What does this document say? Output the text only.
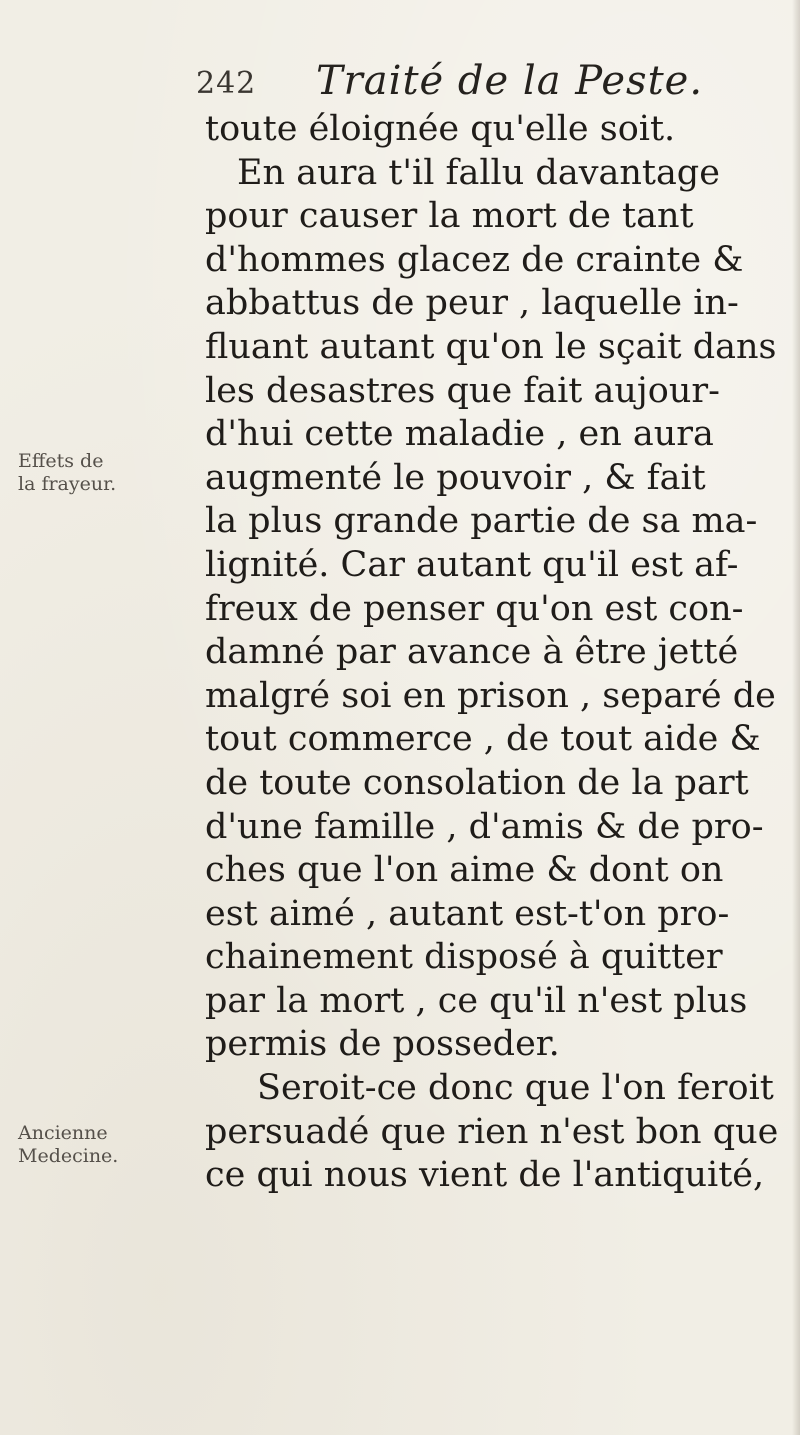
242 Traité de la Peste.
Effets de
la frayeur.
Ancienne
Medecine.
toute éloignée qu'elle soit.
En aura t'il fallu davantage
pour causer la mort de tant
d'hommes glacez de crainte &
abbattus de peur , laquelle in-
fluant autant qu'on le sçait dans
les desastres que fait aujour-
d'hui cette maladie , en aura
augmenté le pouvoir , & fait
la plus grande partie de sa ma-
lignité. Car autant qu'il est af-
freux de penser qu'on est con-
damné par avance à être jetté
malgré soi en prison , separé de
tout commerce , de tout aide &
de toute consolation de la part
d'une famille , d'amis & de pro-
ches que l'on aime & dont on
est aimé , autant est-t'on pro-
chainement disposé à quitter
par la mort , ce qu'il n'est plus
permis de posseder.
Seroit-ce donc que l'on feroit
persuadé que rien n'est bon que
ce qui nous vient de l'antiquité,
